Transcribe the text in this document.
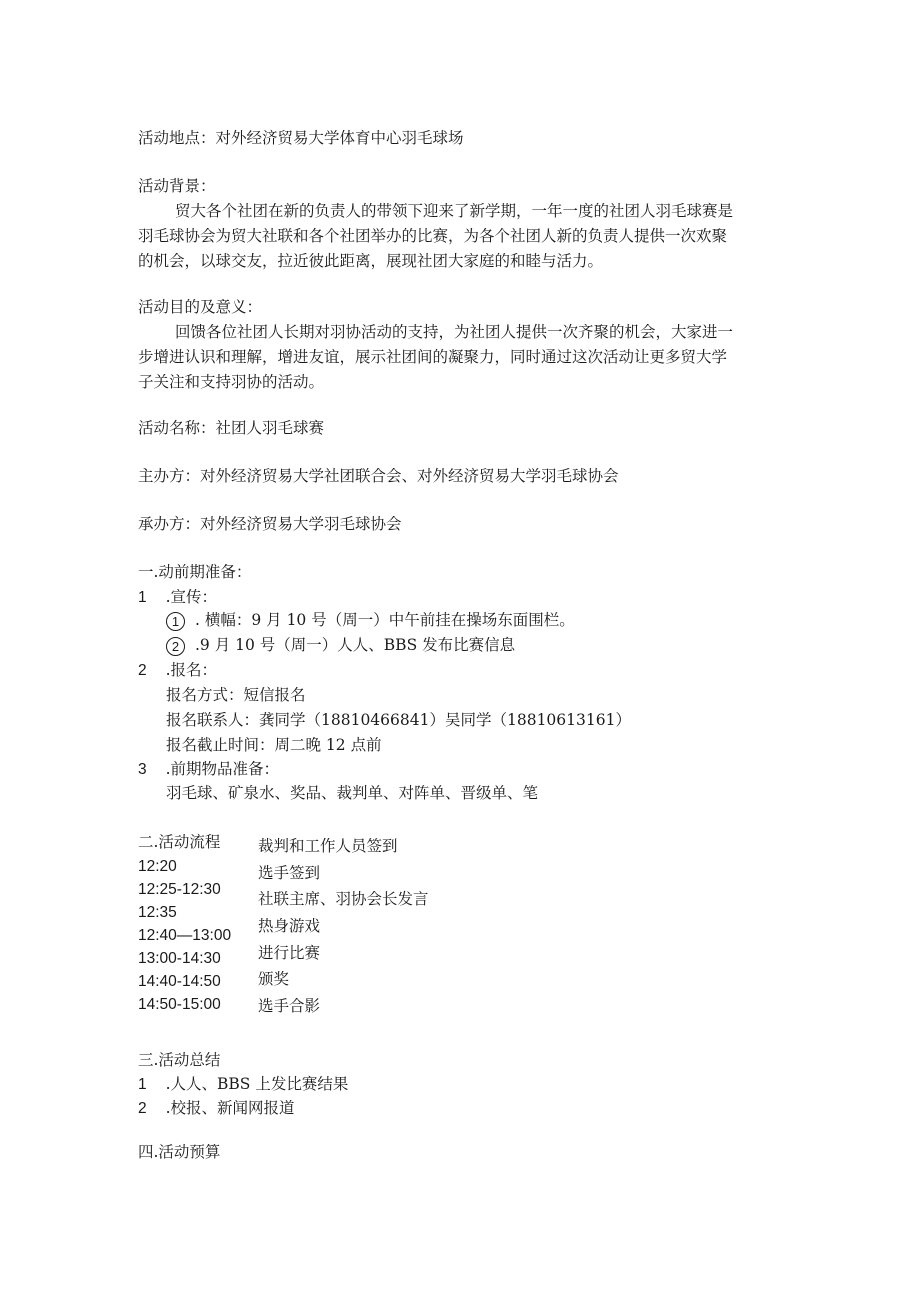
活动地点：对外经济贸易大学体育中心羽毛球场
活动背景：
贸大各个社团在新的负责人的带领下迎来了新学期，一年一度的社团人羽毛球赛是
羽毛球协会为贸大社联和各个社团举办的比赛，为各个社团人新的负责人提供一次欢聚
的机会，以球交友，拉近彼此距离，展现社团大家庭的和睦与活力。
活动目的及意义：
回馈各位社团人长期对羽协活动的支持，为社团人提供一次齐聚的机会，大家进一
步增进认识和理解，增进友谊，展示社团间的凝聚力，同时通过这次活动让更多贸大学
子关注和支持羽协的活动。
活动名称：社团人羽毛球赛
主办方：对外经济贸易大学社团联合会、对外经济贸易大学羽毛球协会
承办方：对外经济贸易大学羽毛球协会
一.动前期准备：
1 .宣传：
1 . 横幅：9 月 10 号（周一）中午前挂在操场东面围栏。
2 .9 月 10 号（周一）人人、BBS 发布比赛信息
2 .报名：
报名方式：短信报名
报名联系人：龚同学（18810466841）吴同学（18810613161）
报名截止时间：周二晚 12 点前
3 .前期物品准备：
羽毛球、矿泉水、奖品、裁判单、对阵单、晋级单、笔
二.活动流程
12:20
12:25-12:30
12:35
12:40—13:00
13:00-14:30
14:40-14:50
14:50-15:00
裁判和工作人员签到
选手签到
社联主席、羽协会长发言
热身游戏
进行比赛
颁奖
选手合影
三.活动总结
1 .人人、BBS 上发比赛结果
2 .校报、新闻网报道
四.活动预算
